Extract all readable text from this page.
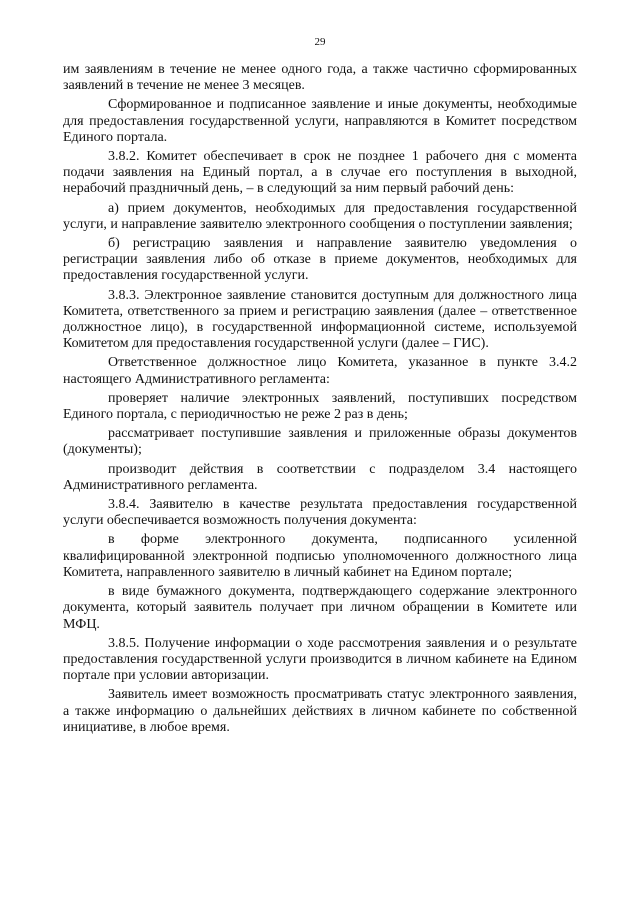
29

им заявлениям в течение не менее одного года, а также частично сформированных заявлений в течение не менее 3 месяцев.

Сформированное и подписанное заявление и иные документы, необходимые для предоставления государственной услуги, направляются в Комитет посредством Единого портала.

3.8.2. Комитет обеспечивает в срок не позднее 1 рабочего дня с момента подачи заявления на Единый портал, а в случае его поступления в выходной, нерабочий праздничный день, – в следующий за ним первый рабочий день:

а) прием документов, необходимых для предоставления государственной услуги, и направление заявителю электронного сообщения о поступлении заявления;

б) регистрацию заявления и направление заявителю уведомления о регистрации заявления либо об отказе в приеме документов, необходимых для предоставления государственной услуги.

3.8.3. Электронное заявление становится доступным для должностного лица Комитета, ответственного за прием и регистрацию заявления (далее – ответственное должностное лицо), в государственной информационной системе, используемой Комитетом для предоставления государственной услуги (далее – ГИС).

Ответственное должностное лицо Комитета, указанное в пункте 3.4.2 настоящего Административного регламента:

проверяет наличие электронных заявлений, поступивших посредством Единого портала, с периодичностью не реже 2 раз в день;

рассматривает поступившие заявления и приложенные образы документов (документы);

производит действия в соответствии с подразделом 3.4 настоящего Административного регламента.

3.8.4. Заявителю в качестве результата предоставления государственной услуги обеспечивается возможность получения документа:

в форме электронного документа, подписанного усиленной квалифицированной электронной подписью уполномоченного должностного лица Комитета, направленного заявителю в личный кабинет на Едином портале;

в виде бумажного документа, подтверждающего содержание электронного документа, который заявитель получает при личном обращении в Комитете или МФЦ.

3.8.5. Получение информации о ходе рассмотрения заявления и о результате предоставления государственной услуги производится в личном кабинете на Едином портале при условии авторизации.

Заявитель имеет возможность просматривать статус электронного заявления, а также информацию о дальнейших действиях в личном кабинете по собственной инициативе, в любое время.
